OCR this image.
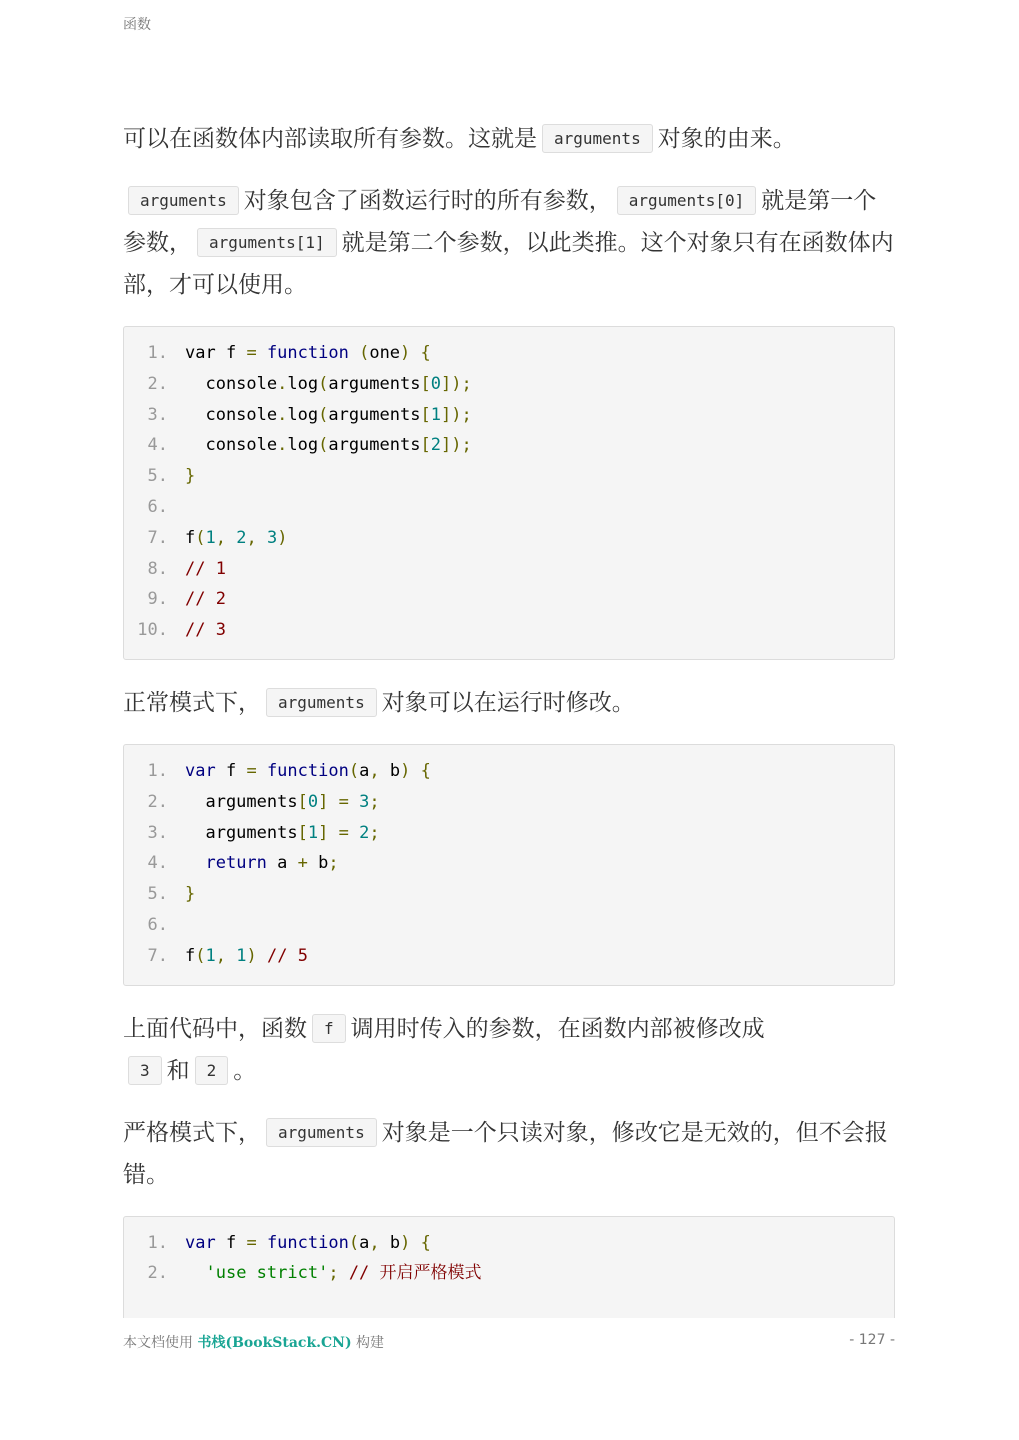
函数

可以在函数体内部读取所有参数。这就是 arguments 对象的由来。

arguments 对象包含了函数运行时的所有参数， arguments[0] 就是第一个参数， arguments[1] 就是第二个参数，以此类推。这个对象只有在函数体内部，才可以使用。

1.	var f = function (one) {
2.	console.log(arguments[0]);
3.	console.log(arguments[1]);
4.	console.log(arguments[2]);
5.	}
6.
7.	f(1, 2, 3)
8.	// 1
9.	// 2
10.	// 3

正常模式下， arguments 对象可以在运行时修改。

1.	var f = function(a, b) {
2.	arguments[0] = 3;
3.	arguments[1] = 2;
4.	return a + b;
5.	}
6.
7.	f(1, 1) // 5

上面代码中，函数 f 调用时传入的参数，在函数内部被修改成3 和 2 。

严格模式下， arguments 对象是一个只读对象，修改它是无效的，但不会报错。

1.	var f = function(a, b) {
2.	'use strict'; // 开启严格模式
本文档使用 书栈(BookStack.CN) 构建	- 127 -
